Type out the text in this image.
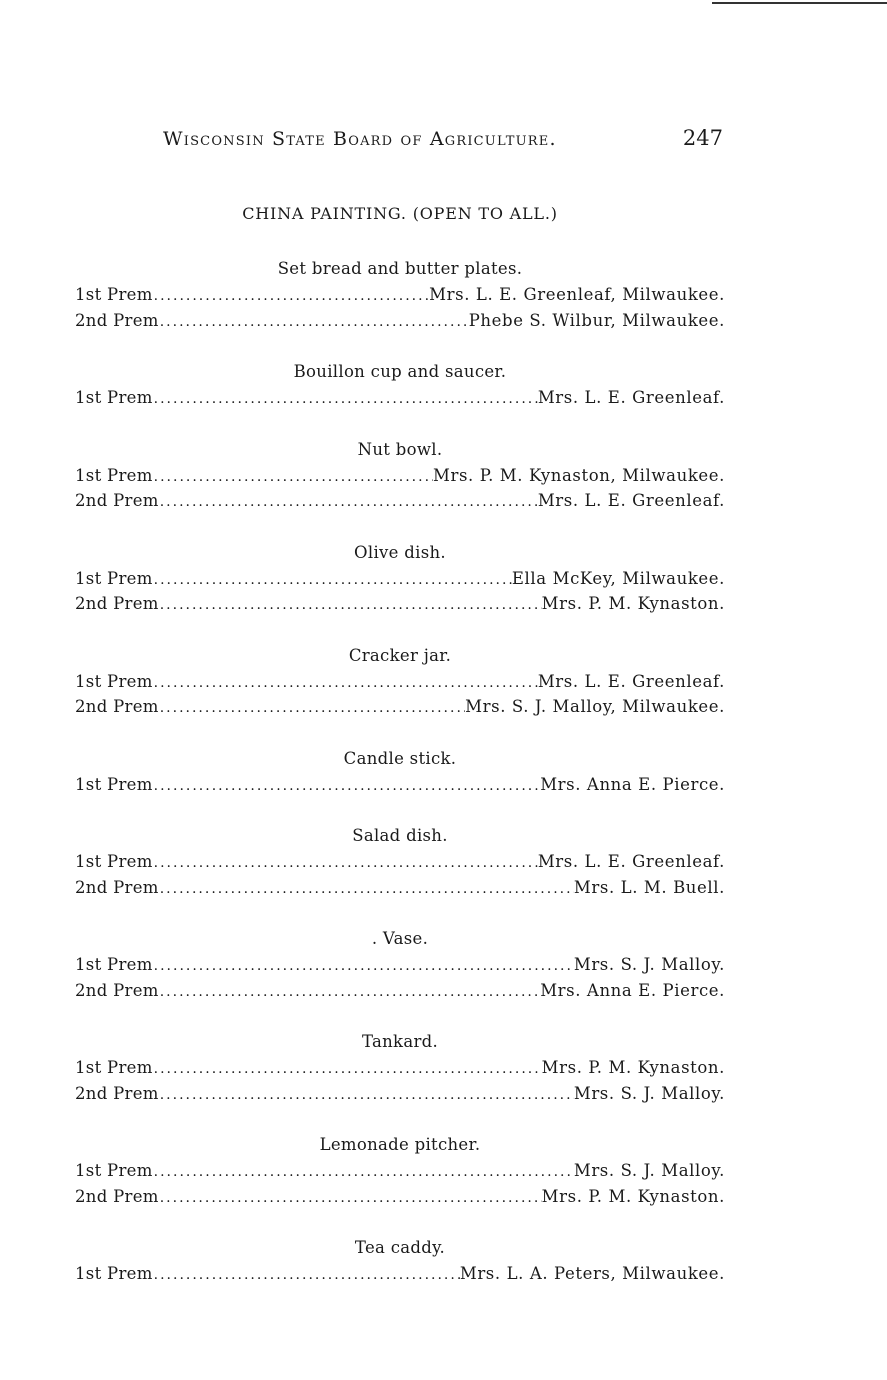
Wisconsin State Board of Agriculture.	247
CHINA PAINTING. (OPEN TO ALL.)
Set bread and butter plates.
1st Prem .....	Mrs. L. E. Greenleaf, Milwaukee.
2nd Prem .....	Phebe S. Wilbur, Milwaukee.
Bouillon cup and saucer.
1st Prem .....	Mrs. L. E. Greenleaf.
Nut bowl.
1st Prem .....	Mrs. P. M. Kynaston, Milwaukee.
2nd Prem .....	Mrs. L. E. Greenleaf.
Olive dish.
1st Prem .....	Ella McKey, Milwaukee.
2nd Prem .....	Mrs. P. M. Kynaston.
Cracker jar.
1st Prem .....	Mrs. L. E. Greenleaf.
2nd Prem .....	Mrs. S. J. Malloy, Milwaukee.
Candle stick.
1st Prem .....	Mrs. Anna E. Pierce.
Salad dish.
1st Prem .....	Mrs. L. E. Greenleaf.
2nd Prem .....	Mrs. L. M. Buell.
. Vase.
1st Prem .....	Mrs. S. J. Malloy.
2nd Prem .....	Mrs. Anna E. Pierce.
Tankard.
1st Prem .....	Mrs. P. M. Kynaston.
2nd Prem .....	Mrs. S. J. Malloy.
Lemonade pitcher.
1st Prem .....	Mrs. S. J. Malloy.
2nd Prem .....	Mrs. P. M. Kynaston.
Tea caddy.
1st Prem .....	Mrs. L. A. Peters, Milwaukee.
